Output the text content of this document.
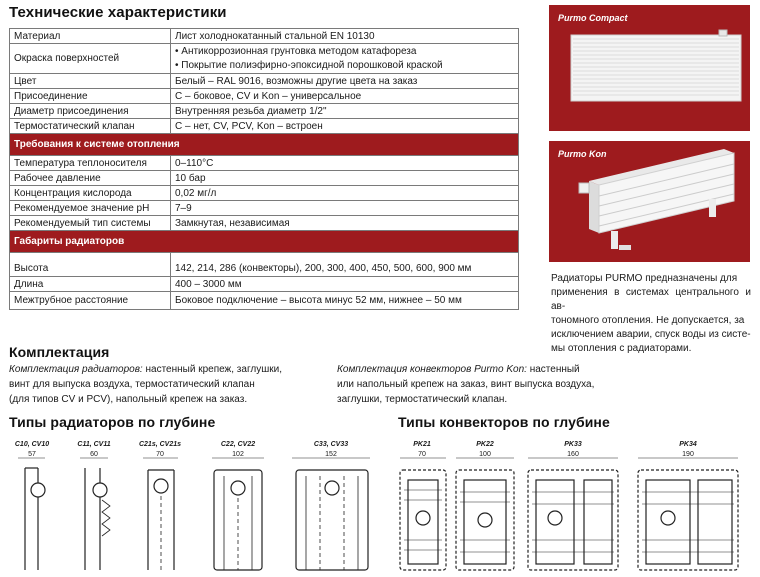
Технические характеристики
Материал	Лист холоднокатанный стальной EN 10130
Окраска поверхностей	• Антикоррозионная грунтовка методом катафореза
• Покрытие полиэфирно-эпоксидной порошковой краской

Цвет	Белый – RAL 9016, возможны другие цвета на заказ
Присоединение	С – боковое, CV и Kon – универсальное
Диаметр присоединения	Внутренняя резьба диаметр 1/2"
Термостатический клапан	С – нет, CV, PCV, Kon – встроен
Требования к системе отопления	
Температура теплоносителя	0–110°С
Рабочее давление	10 бар
Концентрация кислорода	0,02 мг/л
Рекомендуемое значение pH	7–9
Рекомендуемый тип системы	Замкнутая, независимая
Габариты радиаторов	
Высота	142, 214, 286 (конвекторы), 200, 300, 400, 450, 500, 600, 900 мм
Длина	400 – 3000 мм
Межтрубное расстояние	Боковое подключение – высота минус 52 мм, нижнее – 50 мм
Purmo Compact
Purmo Kon
Радиаторы PURMO предназначены для
применения в системах центрального и ав-
тономного отопления. Не допускается, за
исключением аварии, спуск воды из систе-
мы отопления с радиаторами.
Комплектация
Комплектация радиаторов: настенный крепеж, заглушки,
винт для выпуска воздуха, термостатический клапан
(для типов CV и PCV), напольный крепеж на заказ.
Комплектация конвекторов Purmo Kon: настенный
или напольный крепеж на заказ, винт выпуска воздуха,
заглушки, термостатический клапан.
Типы радиаторов по глубине	Типы конвекторов по глубине
С10, CV10
57
С11, CV11
60
С21s, CV21s
70
С22, CV22
102
С33, CV33
152
PK21
70
PK22
100
PK33
160
PK34
190
